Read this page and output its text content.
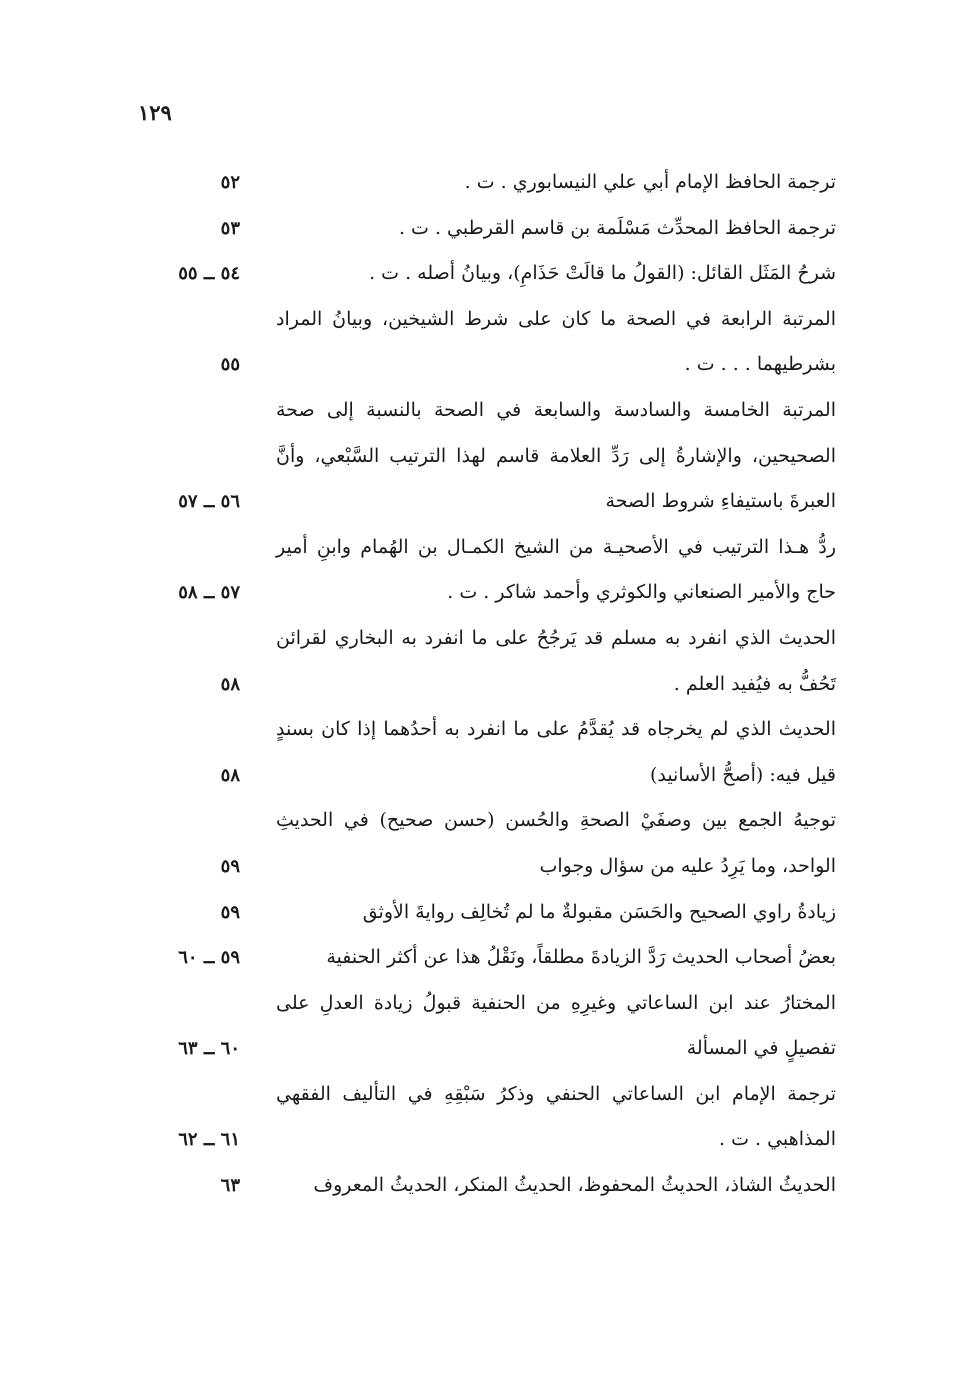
١٢٩
ترجمة الحافظ الإمام أبي علي النيسابوري . ت .
٥٢
ترجمة الحافظ المحدِّث مَسْلَمة بن قاسم القرطبي . ت .
٥٣
شرحُ المَثَل القائل: (القولُ ما قالَتْ حَذَامِ)، وبيانُ أصله . ت .
٥٤ ــ ٥٥
المرتبة الرابعة في الصحة ما كان على شرط الشيخين، وبيانُ المراد بشرطيهما . . . ت .
٥٥
المرتبة الخامسة والسادسة والسابعة في الصحة بالنسبة إلى صحة الصحيحين، والإشارةُ إلى رَدِّ العلامة قاسم لهذا الترتيب السَّبْعي، وأنَّ العبرةَ باستيفاءِ شروط الصحة
٥٦ ــ ٥٧
ردُّ هـذا الترتيب في الأصحيـة من الشيخ الكمـال بن الهُمام وابنِ أمير حاج والأمير الصنعاني والكوثري وأحمد شاكر . ت .
٥٧ ــ ٥٨
الحديث الذي انفرد به مسلم قد يَرجُحُ على ما انفرد به البخاري لقرائن تَحُفُّ به فيُفيد العلم .
٥٨
الحديث الذي لم يخرجاه قد يُقدَّمُ على ما انفرد به أحدُهما إذا كان بسندٍ قيل فيه: (أصحُّ الأسانيد)
٥٨
توجيهُ الجمع بين وصفَيْ الصحةِ والحُسن (حسن صحيح) في الحديثِ الواحد، وما يَرِدُ عليه من سؤال وجواب
٥٩
زيادةُ راوي الصحيح والحَسَن مقبولةٌ ما لم تُخالِف روايةَ الأوثق
٥٩
بعضُ أصحاب الحديث رَدَّ الزيادةَ مطلقاً، ونَقْلُ هذا عن أكثر الحنفية
٥٩ ــ ٦٠
المختارُ عند ابن الساعاتي وغيرِهِ من الحنفية قبولُ زيادة العدلِ على تفصيلٍ في المسألة
٦٠ ــ ٦٣
ترجمة الإمام ابن الساعاتي الحنفي وذكرُ سَبْقِهِ في التأليف الفقهي المذاهبي . ت .
٦١ ــ ٦٢
الحديثُ الشاذ، الحديثُ المحفوظ، الحديثُ المنكر، الحديثُ المعروف
٦٣
